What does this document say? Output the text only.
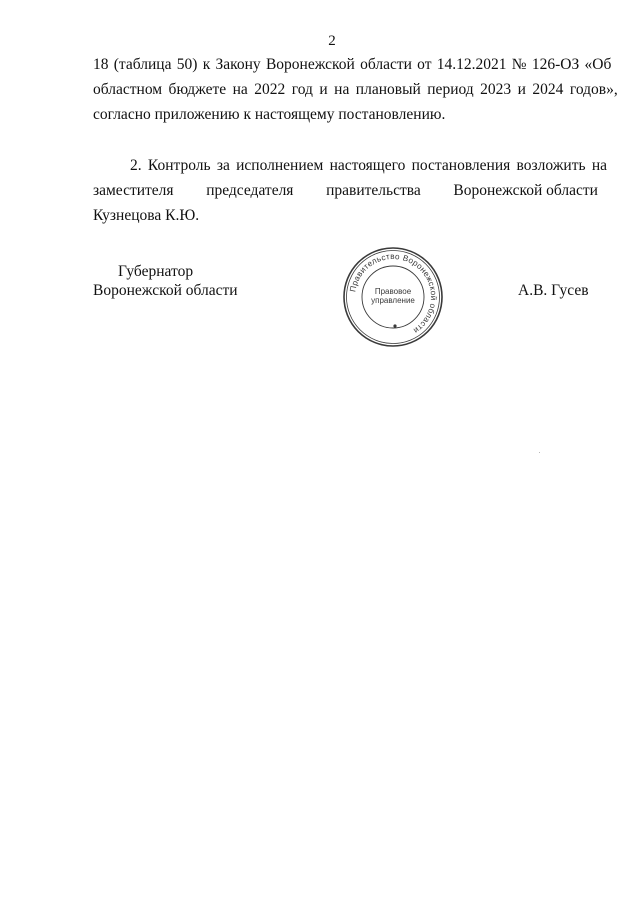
2
18 (таблица 50) к Закону Воронежской области от 14.12.2021 № 126-ОЗ «Об
областном бюджете на 2022 год и на плановый период 2023 и 2024 годов»,
согласно приложению к настоящему постановлению.
2. Контроль за исполнением настоящего постановления возложить на
заместителя председателя правительства Воронежской области
Кузнецова К.Ю.
Губернатор
Воронежской области	Правительство Воронежской области
Правовое
управление
А.В. Гусев
